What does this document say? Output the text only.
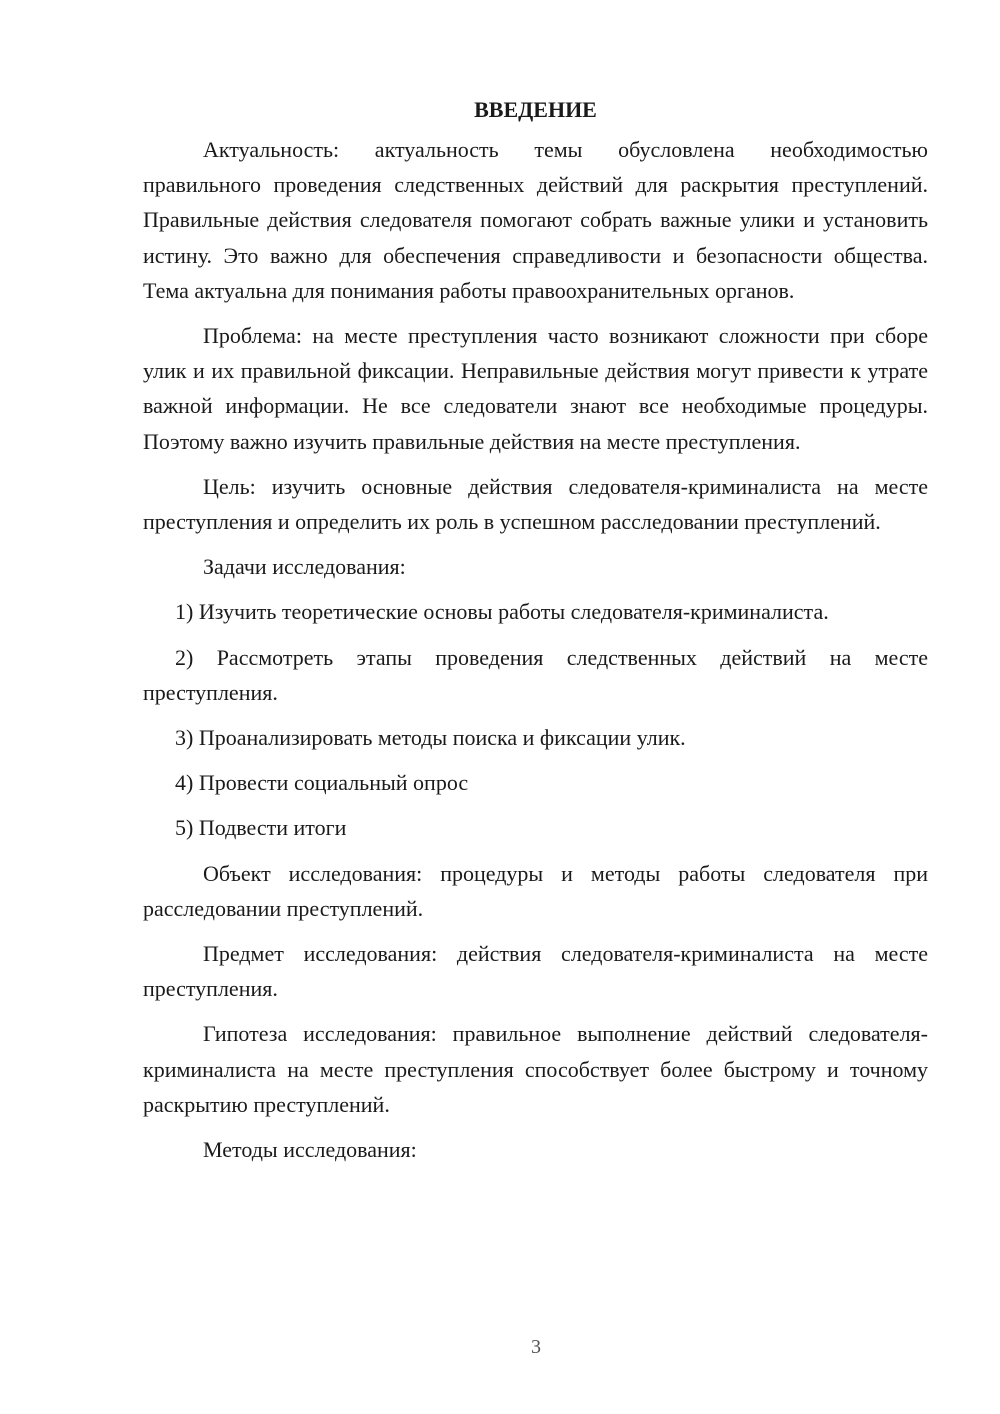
ВВЕДЕНИЕ

Актуальность: актуальность темы обусловлена необходимостью правильного проведения следственных действий для раскрытия преступлений. Правильные действия следователя помогают собрать важные улики и установить истину. Это важно для обеспечения справедливости и безопасности общества. Тема актуальна для понимания работы правоохранительных органов.

Проблема: на месте преступления часто возникают сложности при сборе улик и их правильной фиксации. Неправильные действия могут привести к утрате важной информации. Не все следователи знают все необходимые процедуры. Поэтому важно изучить правильные действия на месте преступления.

Цель: изучить основные действия следователя-криминалиста на месте преступления и определить их роль в успешном расследовании преступлений.

Задачи исследования:

1) Изучить теоретические основы работы следователя-криминалиста.

2) Рассмотреть этапы проведения следственных действий на месте преступления.

3) Проанализировать методы поиска и фиксации улик.

4) Провести социальный опрос

5) Подвести итоги

Объект исследования: процедуры и методы работы следователя при расследовании преступлений.

Предмет исследования: действия следователя-криминалиста на месте преступления.

Гипотеза исследования: правильное выполнение действий следователя-криминалиста на месте преступления способствует более быстрому и точному раскрытию преступлений.

Методы исследования:

3
